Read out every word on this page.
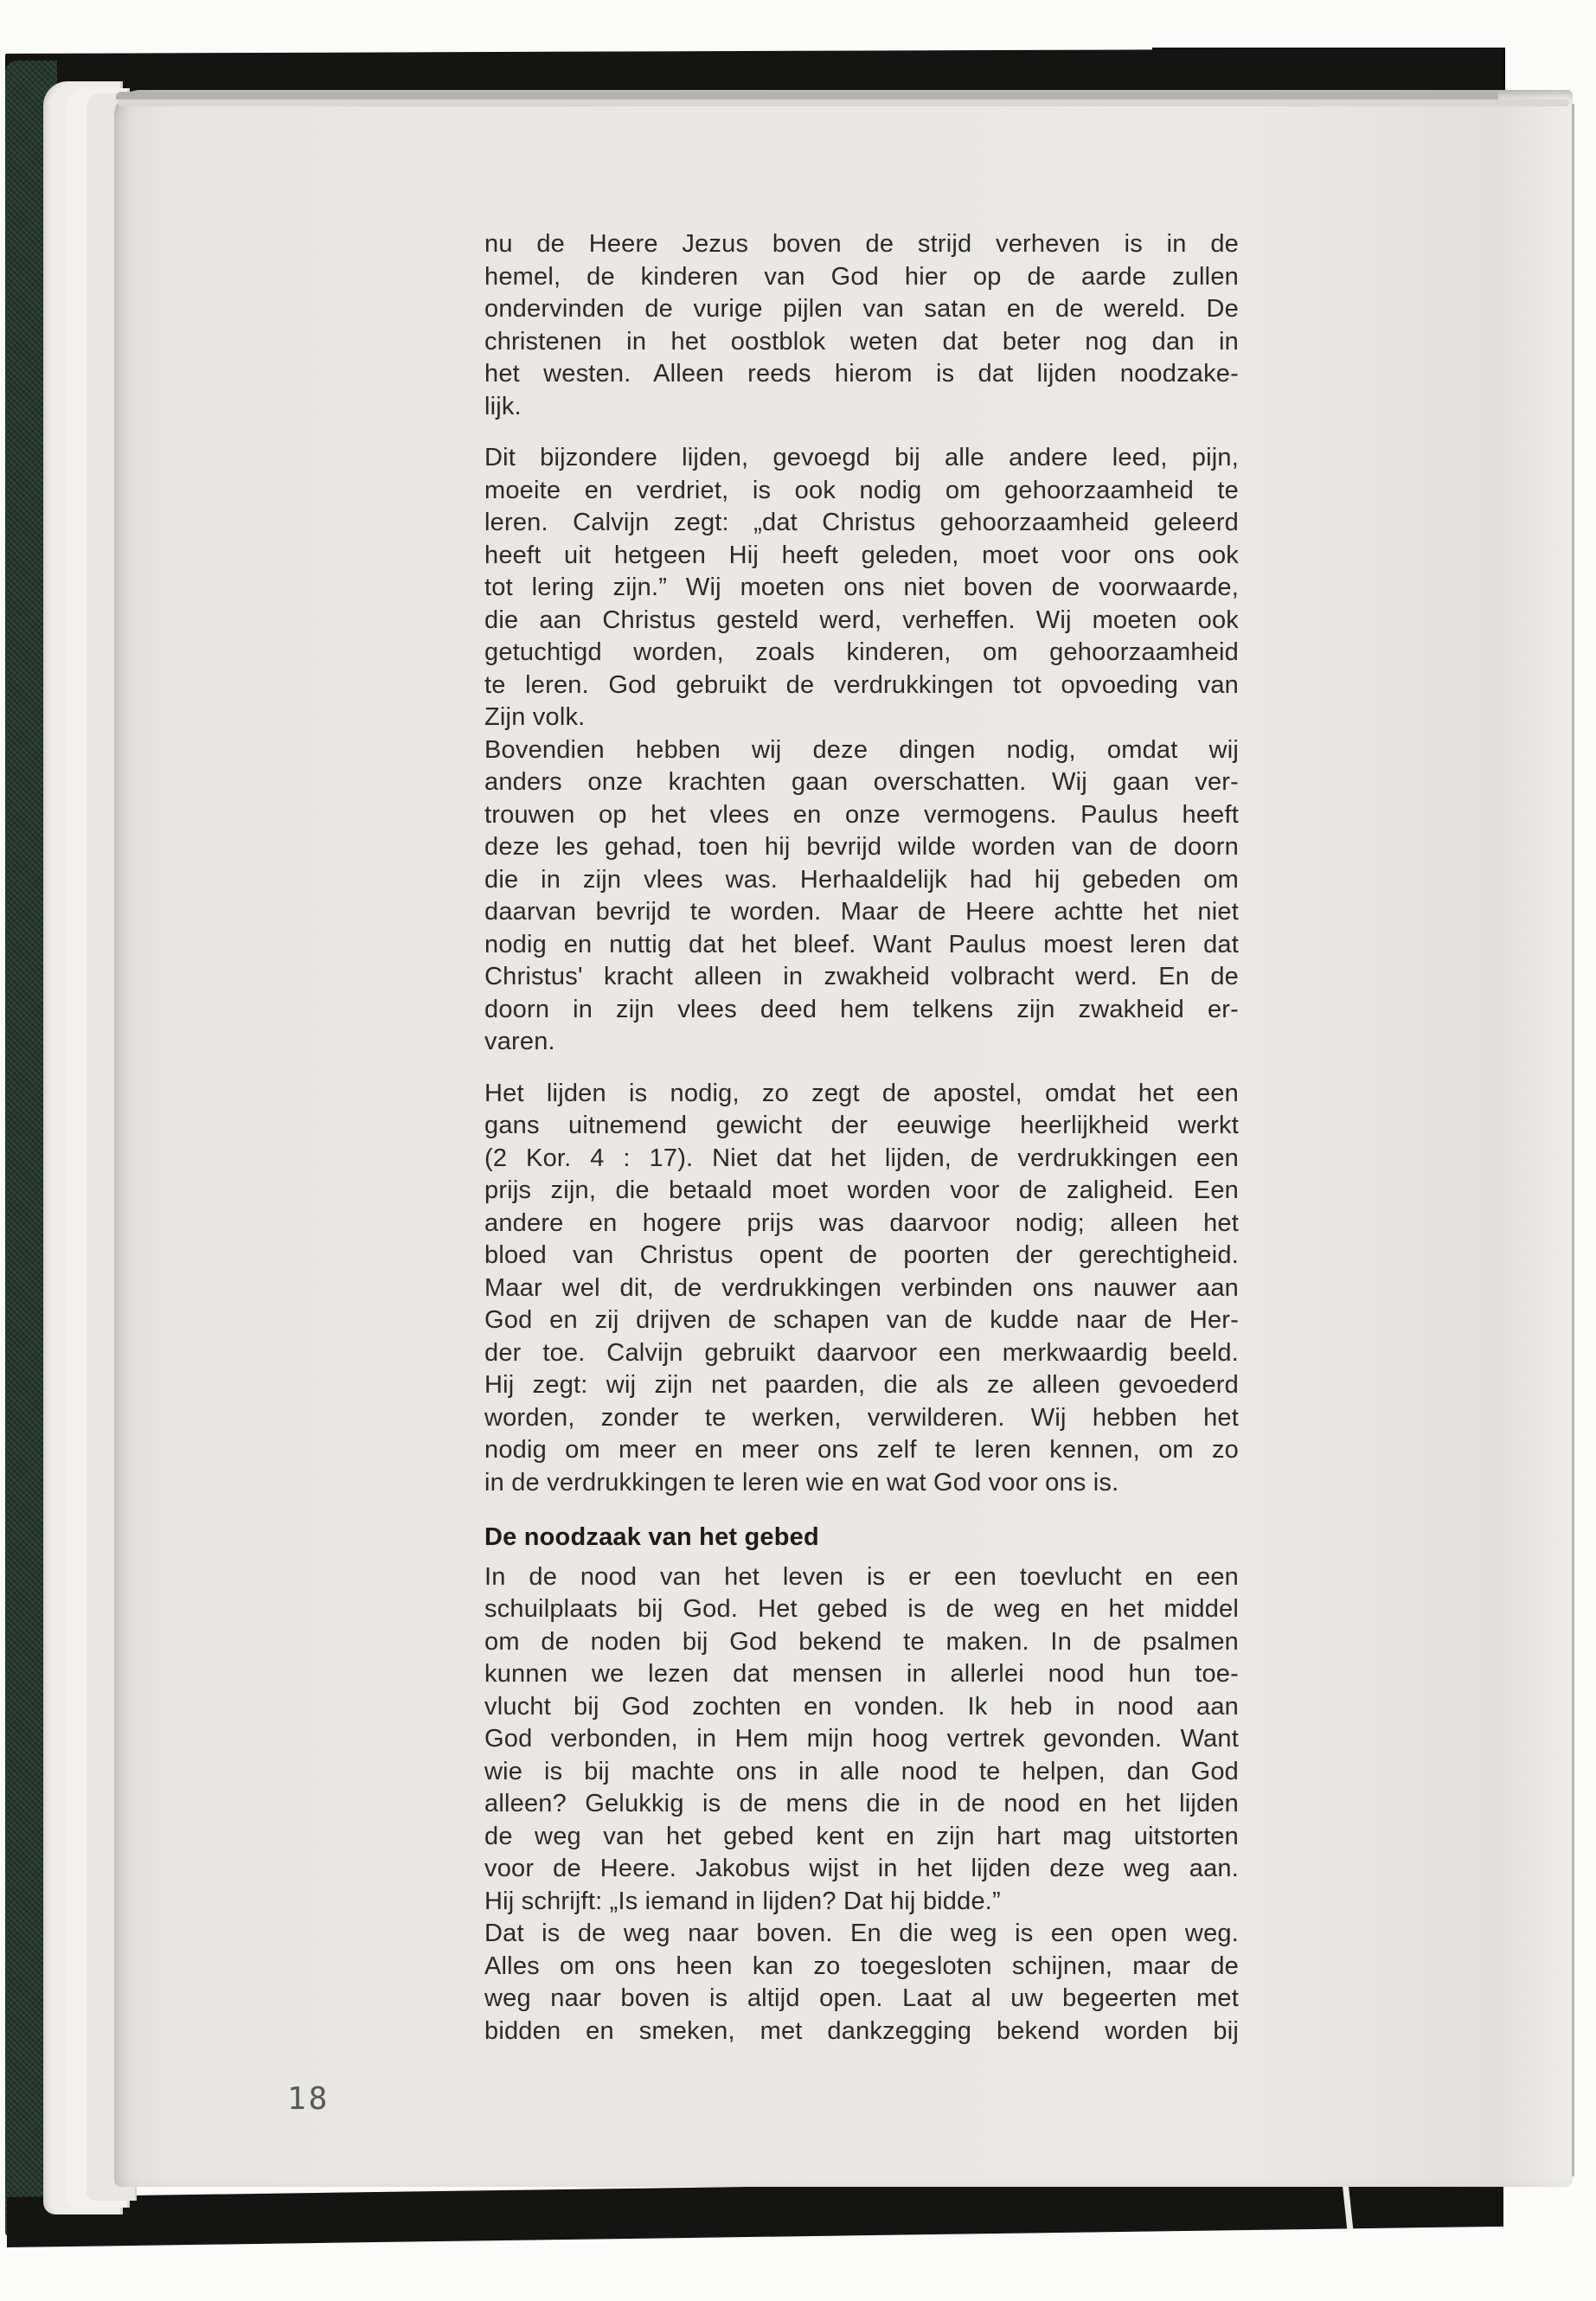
nu de Heere Jezus boven de strijd verheven is in de
hemel, de kinderen van God hier op de aarde zullen
ondervinden de vurige pijlen van satan en de wereld. De
christenen in het oostblok weten dat beter nog dan in
het westen. Alleen reeds hierom is dat lijden noodzake-
lijk.
Dit bijzondere lijden, gevoegd bij alle andere leed, pijn,
moeite en verdriet, is ook nodig om gehoorzaamheid te
leren. Calvijn zegt: „dat Christus gehoorzaamheid geleerd
heeft uit hetgeen Hij heeft geleden, moet voor ons ook
tot lering zijn.” Wij moeten ons niet boven de voorwaarde,
die aan Christus gesteld werd, verheffen. Wij moeten ook
getuchtigd worden, zoals kinderen, om gehoorzaamheid
te leren. God gebruikt de verdrukkingen tot opvoeding van
Zijn volk.
Bovendien hebben wij deze dingen nodig, omdat wij
anders onze krachten gaan overschatten. Wij gaan ver-
trouwen op het vlees en onze vermogens. Paulus heeft
deze les gehad, toen hij bevrijd wilde worden van de doorn
die in zijn vlees was. Herhaaldelijk had hij gebeden om
daarvan bevrijd te worden. Maar de Heere achtte het niet
nodig en nuttig dat het bleef. Want Paulus moest leren dat
Christus' kracht alleen in zwakheid volbracht werd. En de
doorn in zijn vlees deed hem telkens zijn zwakheid er-
varen.
Het lijden is nodig, zo zegt de apostel, omdat het een
gans uitnemend gewicht der eeuwige heerlijkheid werkt
(2 Kor. 4 : 17). Niet dat het lijden, de verdrukkingen een
prijs zijn, die betaald moet worden voor de zaligheid. Een
andere en hogere prijs was daarvoor nodig; alleen het
bloed van Christus opent de poorten der gerechtigheid.
Maar wel dit, de verdrukkingen verbinden ons nauwer aan
God en zij drijven de schapen van de kudde naar de Her-
der toe. Calvijn gebruikt daarvoor een merkwaardig beeld.
Hij zegt: wij zijn net paarden, die als ze alleen gevoederd
worden, zonder te werken, verwilderen. Wij hebben het
nodig om meer en meer ons zelf te leren kennen, om zo
in de verdrukkingen te leren wie en wat God voor ons is.
De noodzaak van het gebed
In de nood van het leven is er een toevlucht en een
schuilplaats bij God. Het gebed is de weg en het middel
om de noden bij God bekend te maken. In de psalmen
kunnen we lezen dat mensen in allerlei nood hun toe-
vlucht bij God zochten en vonden. Ik heb in nood aan
God verbonden, in Hem mijn hoog vertrek gevonden. Want
wie is bij machte ons in alle nood te helpen, dan God
alleen? Gelukkig is de mens die in de nood en het lijden
de weg van het gebed kent en zijn hart mag uitstorten
voor de Heere. Jakobus wijst in het lijden deze weg aan.
Hij schrijft: „Is iemand in lijden? Dat hij bidde.”
Dat is de weg naar boven. En die weg is een open weg.
Alles om ons heen kan zo toegesloten schijnen, maar de
weg naar boven is altijd open. Laat al uw begeerten met
bidden en smeken, met dankzegging bekend worden bij
18
